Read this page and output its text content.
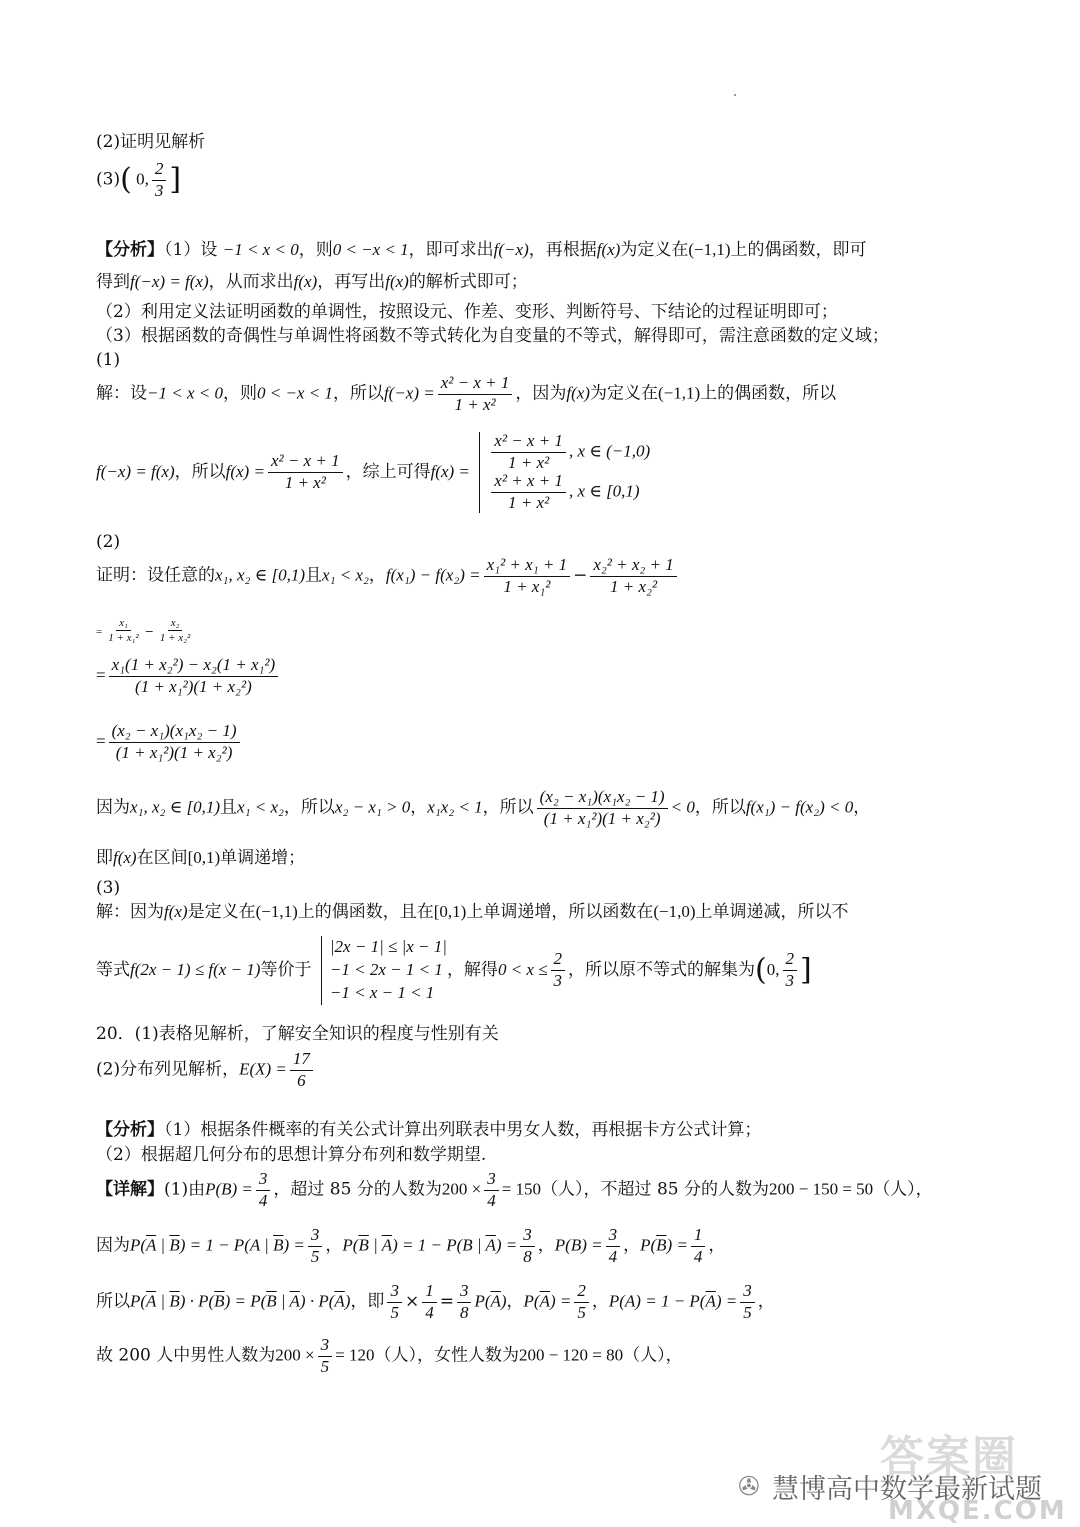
(2)证明见解析
(3)( 0, $\frac{2}{3}$ ]
【分析】（1）设 −1 < x < 0，则0 < −x < 1，即可求出f(−x)，再根据f(x)为定义在(−1,1)上的偶函数，即可
得到f(−x) = f(x)，从而求出f(x)，再写出f(x)的解析式即可；
（2）利用定义法证明函数的单调性，按照设元、作差、变形、判断符号、下结论的过程证明即可；
（3）根据函数的奇偶性与单调性将函数不等式转化为自变量的不等式，解得即可，需注意函数的定义域；
(1)
解：设−1 < x < 0，则0 < −x < 1，所以$f(-x) = \frac{\text{x² − x + 1}}{\text{1 + x²}}$ ，因为f(x)为定义在(−1,1)上的偶函数，所以
f(−x) = f(x)，所以$f(x) = \frac{\text{x² − x + 1}}{\text{1 + x²}}$ ，综上可得$f(x) = \frac{\text{x² − x + 1}}{\text{1 + x²}}$ , x ∈ (−1,0)
$\frac{\text{x² + x + 1}}{\text{1 + x²}}$ , x ∈ [0,1)
(2)
证明：设任意的x₁, x₂ ∈ [0,1)且x₁ < x₂，$f(x_1) - f(x_2) = \frac{\text{x₁² + x₁ + 1}}{\text{1 + x₁²}} - \frac{\text{x₂² + x₂ + 1}}{\text{1 + x₂²}}$
= $\frac{\text{x₁}}{\text{1 + x₁²}} - \frac{\text{x₂}}{\text{1 + x₂²}}$
= $\frac{\text{x₁(1 + x₂²) − x₂(1 + x₁²)}}{\text{(1 + x₁²)(1 + x₂²)}}$
= $\frac{\text{(x₂ − x₁)(x₁x₂ − 1)}}{\text{(1 + x₁²)(1 + x₂²)}}$
因为x₁, x₂ ∈ [0,1)且x₁ < x₂，所以x₂ − x₁ > 0，x₁x₂ < 1，所以 $\frac{\text{(x₂ − x₁)(x₁x₂ − 1)}}{\text{(1 + x₁²)(1 + x₂²)}} < 0$，所以f(x₁) − f(x₂) < 0，
即f(x)在区间[0,1)单调递增；
(3)
解：因为f(x)是定义在(−1,1)上的偶函数，且在[0,1)上单调递增，所以函数在(−1,0)上单调递减，所以不
等式f(2x − 1) ≤ f(x − 1)等价于
|2x − 1| ≤ |x − 1|
−1 < 2x − 1 < 1
−1 < x − 1 < 1
，解得$0 < x \le \frac{2}{3}$ ，所以原不等式的解集为(0, $\frac{2}{3}$ ]
20．(1)表格见解析，了解安全知识的程度与性别有关
(2)分布列见解析，$E(X) = \frac{17}{6}$
【分析】（1）根据条件概率的有关公式计算出列联表中男女人数，再根据卡方公式计算；
（2）根据超几何分布的思想计算分布列和数学期望.
【详解】(1)由$P(B) = \frac{3}{4}$ ，超过 85 分的人数为$200 \times \frac{3}{4} = 150$（人），不超过 85 分的人数为200 − 150 = 50（人），
因为$P(\overline{A}$ | $\overline{B}) = 1 - P(A$ | $\overline{B}) = \frac{3}{5}$ ，$P(\overline{B}$ | $\overline{A}) = 1 - P(B$ | $\overline{A}) = \frac{3}{8}$ ，$P(B) = \frac{3}{4}$ ，$P(\overline{B}) = \frac{1}{4}$ ，
所以$P(\overline{A}$ | $\overline{B}) \cdot P(\overline{B}) = P(\overline{B}$ | $\overline{A}) \cdot P(\overline{A})$，即 $\frac{3}{5} \times \frac{1}{4} = \frac{3}{8} P(\overline{A})$，$P(\overline{A}) = \frac{2}{5}$ ，$P(A) = 1 - P(\overline{A}) = \frac{3}{5}$ ，
故 200 人中男性人数为$200 \times \frac{3}{5} = 120$（人），女性人数为200 − 120 = 80（人），
答案圈
✇ 慧博高中数学最新试题
MXQE.COM
